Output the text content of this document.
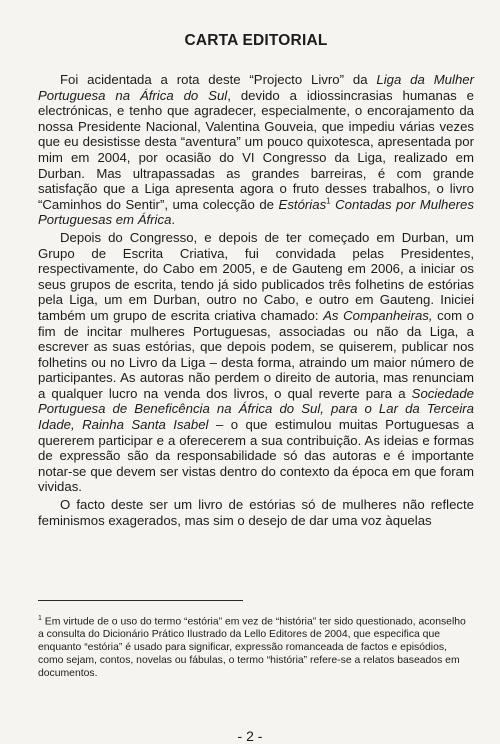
CARTA EDITORIAL

Foi acidentada a rota deste “Projecto Livro” da Liga da Mulher Portuguesa na África do Sul, devido a idiossincrasias humanas e electrónicas, e tenho que agradecer, especialmente, o encorajamento da nossa Presidente Nacional, Valentina Gouveia, que impediu várias vezes que eu desistisse desta “aventura” um pouco quixotesca, apresentada por mim em 2004, por ocasião do VI Congresso da Liga, realizado em Durban. Mas ultrapassadas as grandes barreiras, é com grande satisfação que a Liga apresenta agora o fruto desses trabalhos, o livro “Caminhos do Sentir”, uma colecção de Estórias$^1$ Contadas por Mulheres Portuguesas em África.

Depois do Congresso, e depois de ter começado em Durban, um Grupo de Escrita Criativa, fui convidada pelas Presidentes, respectivamente, do Cabo em 2005, e de Gauteng em 2006, a iniciar os seus grupos de escrita, tendo já sido publicados três folhetins de estórias pela Liga, um em Durban, outro no Cabo, e outro em Gauteng. Iniciei também um grupo de escrita criativa chamado: As Companheiras, com o fim de incitar mulheres Portuguesas, associadas ou não da Liga, a escrever as suas estórias, que depois podem, se quiserem, publicar nos folhetins ou no Livro da Liga – desta forma, atraindo um maior número de participantes. As autoras não perdem o direito de autoria, mas renunciam a qualquer lucro na venda dos livros, o qual reverte para a Sociedade Portuguesa de Beneficência na África do Sul, para o Lar da Terceira Idade, Rainha Santa Isabel – o que estimulou muitas Portuguesas a quererem participar e a oferecerem a sua contribuição. As ideias e formas de expressão são da responsabilidade só das autoras e é importante notar-se que devem ser vistas dentro do contexto da época em que foram vividas.

O facto deste ser um livro de estórias só de mulheres não reflecte feminismos exagerados, mas sim o desejo de dar uma voz àquelas

$^1$ Em virtude de o uso do termo “estória” em vez de “história” ter sido questionado, aconselho a consulta do Dicionário Prático Ilustrado da Lello Editores de 2004, que especifica que enquanto “estória” é usado para significar, expressão romanceada de factos e episódios, como sejam, contos, novelas ou fábulas, o termo “história” refere-se a relatos baseados em documentos.
- 2 -
